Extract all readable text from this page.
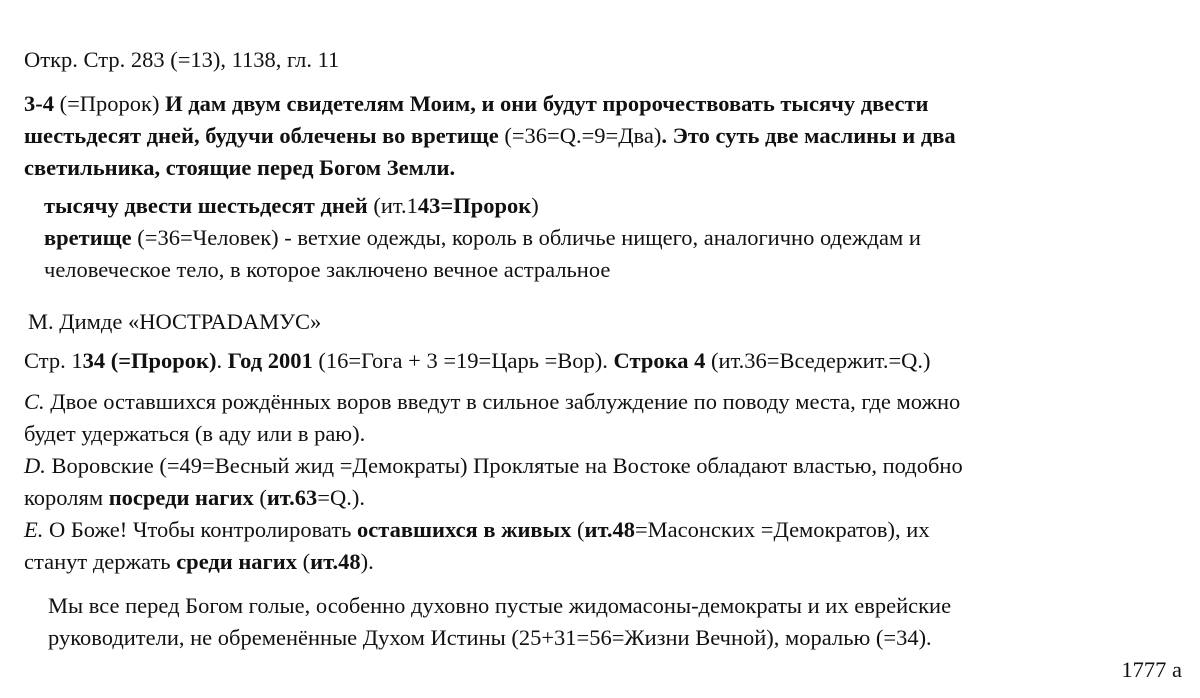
Откр. Стр. 283 (=13), 1138, гл. 11
3-4 (=Пророк) И дам двум свидетелям Моим, и они будут пророчествовать тысячу двести
шестьдесят дней, будучи облечены во вретище (=36=Q.=9=Два). Это суть две маслины и два
светильника, стоящие перед Богом Земли.
тысячу двести шестьдесят дней (ит.143=Пророк)
вретище (=36=Человек) - ветхие одежды, король в обличье нищего, аналогично одеждам и
человеческое тело, в которое заключено вечное астральное
М. Димде «НОСТРАDАМУС»
Стр. 134 (=Пророк). Год 2001 (16=Гога + 3 =19=Царь =Вор). Строка 4 (ит.36=Вседержит.=Q.)
C. Двое оставшихся рождённых воров введут в сильное заблуждение по поводу места, где можно
будет удержаться (в аду или в раю).
D. Воровские (=49=Весный жид =Демократы) Проклятые на Востоке обладают властью, подобно
королям посреди нагих (ит.63=Q.).
E. О Боже! Чтобы контролировать оставшихся в живых (ит.48=Масонских =Демократов), их
станут держать среди нагих (ит.48).
Мы все перед Богом голые, особенно духовно пустые жидомасоны-демократы и их еврейские
руководители, не обременённые Духом Истины (25+31=56=Жизни Вечной), моралью (=34).
1777 а
